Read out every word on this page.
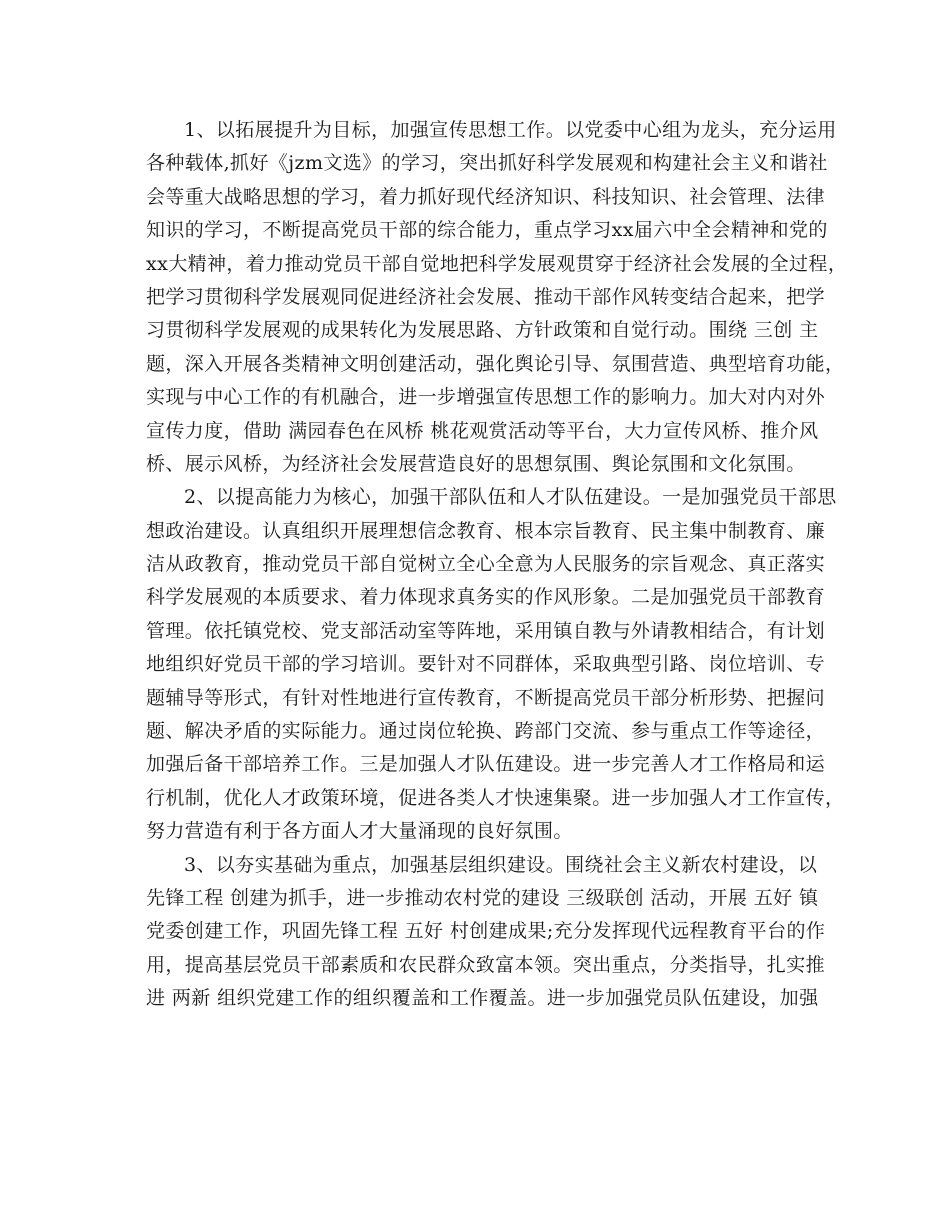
1、以拓展提升为目标，加强宣传思想工作。以党委中心组为龙头，充分运用
各种载体,抓好《jzm文选》的学习，突出抓好科学发展观和构建社会主义和谐社
会等重大战略思想的学习，着力抓好现代经济知识、科技知识、社会管理、法律
知识的学习，不断提高党员干部的综合能力，重点学习xx届六中全会精神和党的
xx大精神，着力推动党员干部自觉地把科学发展观贯穿于经济社会发展的全过程，
把学习贯彻科学发展观同促进经济社会发展、推动干部作风转变结合起来，把学
习贯彻科学发展观的成果转化为发展思路、方针政策和自觉行动。围绕 三创 主
题，深入开展各类精神文明创建活动，强化舆论引导、氛围营造、典型培育功能，
实现与中心工作的有机融合，进一步增强宣传思想工作的影响力。加大对内对外
宣传力度，借助 满园春色在风桥 桃花观赏活动等平台，大力宣传风桥、推介风
桥、展示风桥，为经济社会发展营造良好的思想氛围、舆论氛围和文化氛围。
2、以提高能力为核心，加强干部队伍和人才队伍建设。一是加强党员干部思
想政治建设。认真组织开展理想信念教育、根本宗旨教育、民主集中制教育、廉
洁从政教育，推动党员干部自觉树立全心全意为人民服务的宗旨观念、真正落实
科学发展观的本质要求、着力体现求真务实的作风形象。二是加强党员干部教育
管理。依托镇党校、党支部活动室等阵地，采用镇自教与外请教相结合，有计划
地组织好党员干部的学习培训。要针对不同群体，采取典型引路、岗位培训、专
题辅导等形式，有针对性地进行宣传教育，不断提高党员干部分析形势、把握问
题、解决矛盾的实际能力。通过岗位轮换、跨部门交流、参与重点工作等途径，
加强后备干部培养工作。三是加强人才队伍建设。进一步完善人才工作格局和运
行机制，优化人才政策环境，促进各类人才快速集聚。进一步加强人才工作宣传，
努力营造有利于各方面人才大量涌现的良好氛围。
3、以夯实基础为重点，加强基层组织建设。围绕社会主义新农村建设，以
先锋工程 创建为抓手，进一步推动农村党的建设 三级联创 活动，开展 五好 镇
党委创建工作，巩固先锋工程 五好 村创建成果;充分发挥现代远程教育平台的作
用，提高基层党员干部素质和农民群众致富本领。突出重点，分类指导，扎实推
进 两新 组织党建工作的组织覆盖和工作覆盖。进一步加强党员队伍建设，加强
